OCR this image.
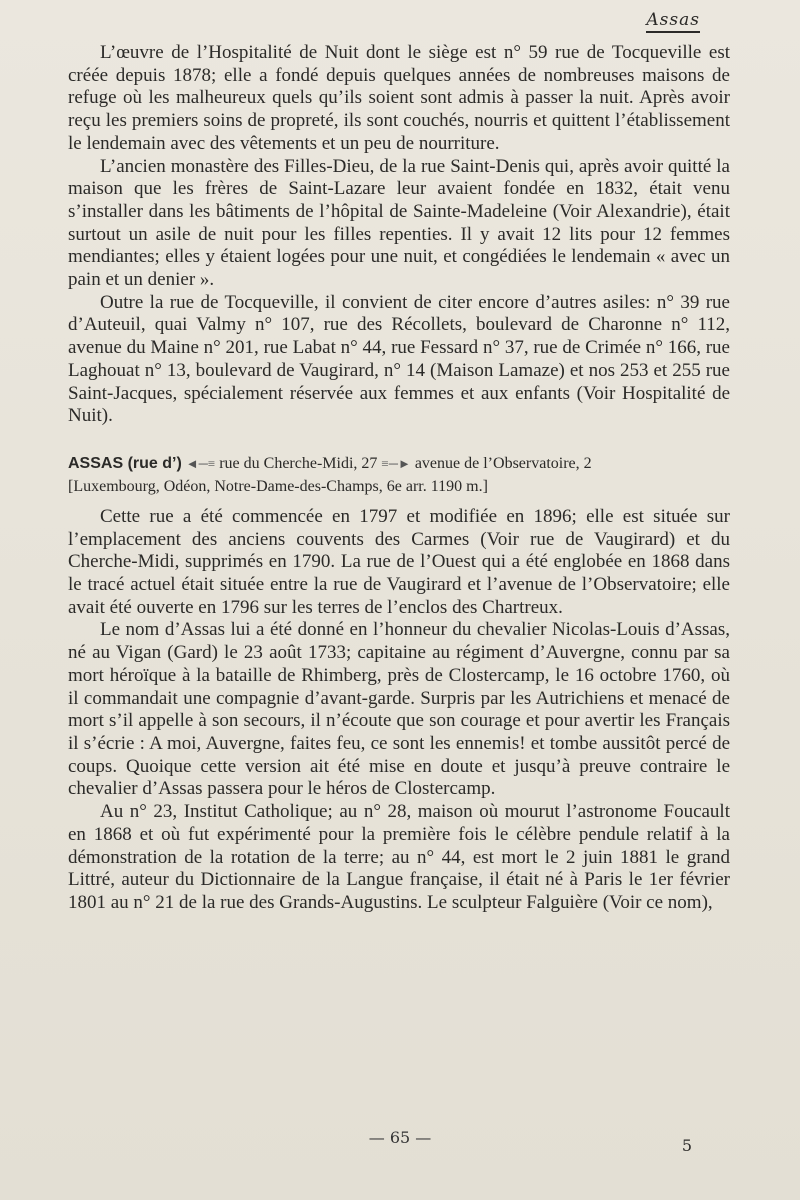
Assas

L’œuvre de l’Hospitalité de Nuit dont le siège est n° 59 rue de Tocqueville est créée depuis 1878; elle a fondé depuis quelques années de nombreuses maisons de refuge où les malheureux quels qu’ils soient sont admis à passer la nuit. Après avoir reçu les premiers soins de propreté, ils sont couchés, nourris et quittent l’établissement le lendemain avec des vêtements et un peu de nourriture.

L’ancien monastère des Filles-Dieu, de la rue Saint-Denis qui, après avoir quitté la maison que les frères de Saint-Lazare leur avaient fondée en 1832, était venu s’installer dans les bâtiments de l’hôpital de Sainte-Madeleine (Voir Alexandrie), était surtout un asile de nuit pour les filles repenties. Il y avait 12 lits pour 12 femmes mendiantes; elles y étaient logées pour une nuit, et congédiées le lendemain « avec un pain et un denier ».

Outre la rue de Tocqueville, il convient de citer encore d’autres asiles: n° 39 rue d’Auteuil, quai Valmy n° 107, rue des Récollets, boulevard de Charonne n° 112, avenue du Maine n° 201, rue Labat n° 44, rue Fessard n° 37, rue de Crimée n° 166, rue Laghouat n° 13, boulevard de Vaugirard, n° 14 (Maison Lamaze) et nos 253 et 255 rue Saint-Jacques, spécialement réservée aux femmes et aux enfants (Voir Hospitalité de Nuit).

ASSAS (rue d’) ◄─≡ rue du Cherche-Midi, 27 ≡─► avenue de l’Observatoire, 2

[Luxembourg, Odéon, Notre-Dame-des-Champs, 6e arr. 1190 m.]

Cette rue a été commencée en 1797 et modifiée en 1896; elle est située sur l’emplacement des anciens couvents des Carmes (Voir rue de Vaugirard) et du Cherche-Midi, supprimés en 1790. La rue de l’Ouest qui a été englobée en 1868 dans le tracé actuel était située entre la rue de Vaugirard et l’avenue de l’Observatoire; elle avait été ouverte en 1796 sur les terres de l’enclos des Chartreux.

Le nom d’Assas lui a été donné en l’honneur du chevalier Nicolas-Louis d’Assas, né au Vigan (Gard) le 23 août 1733; capitaine au régiment d’Auvergne, connu par sa mort héroïque à la bataille de Rhimberg, près de Clostercamp, le 16 octobre 1760, où il commandait une compagnie d’avant-garde. Surpris par les Autrichiens et menacé de mort s’il appelle à son secours, il n’écoute que son courage et pour avertir les Français il s’écrie : A moi, Auvergne, faites feu, ce sont les ennemis! et tombe aussitôt percé de coups. Quoique cette version ait été mise en doute et jusqu’à preuve contraire le chevalier d’Assas passera pour le héros de Clostercamp.

Au n° 23, Institut Catholique; au n° 28, maison où mourut l’astronome Foucault en 1868 et où fut expérimenté pour la première fois le célèbre pendule relatif à la démonstration de la rotation de la terre; au n° 44, est mort le 2 juin 1881 le grand Littré, auteur du Dictionnaire de la Langue française, il était né à Paris le 1er février 1801 au n° 21 de la rue des Grands-Augustins. Le sculpteur Falguière (Voir ce nom),

— 65 —	5
